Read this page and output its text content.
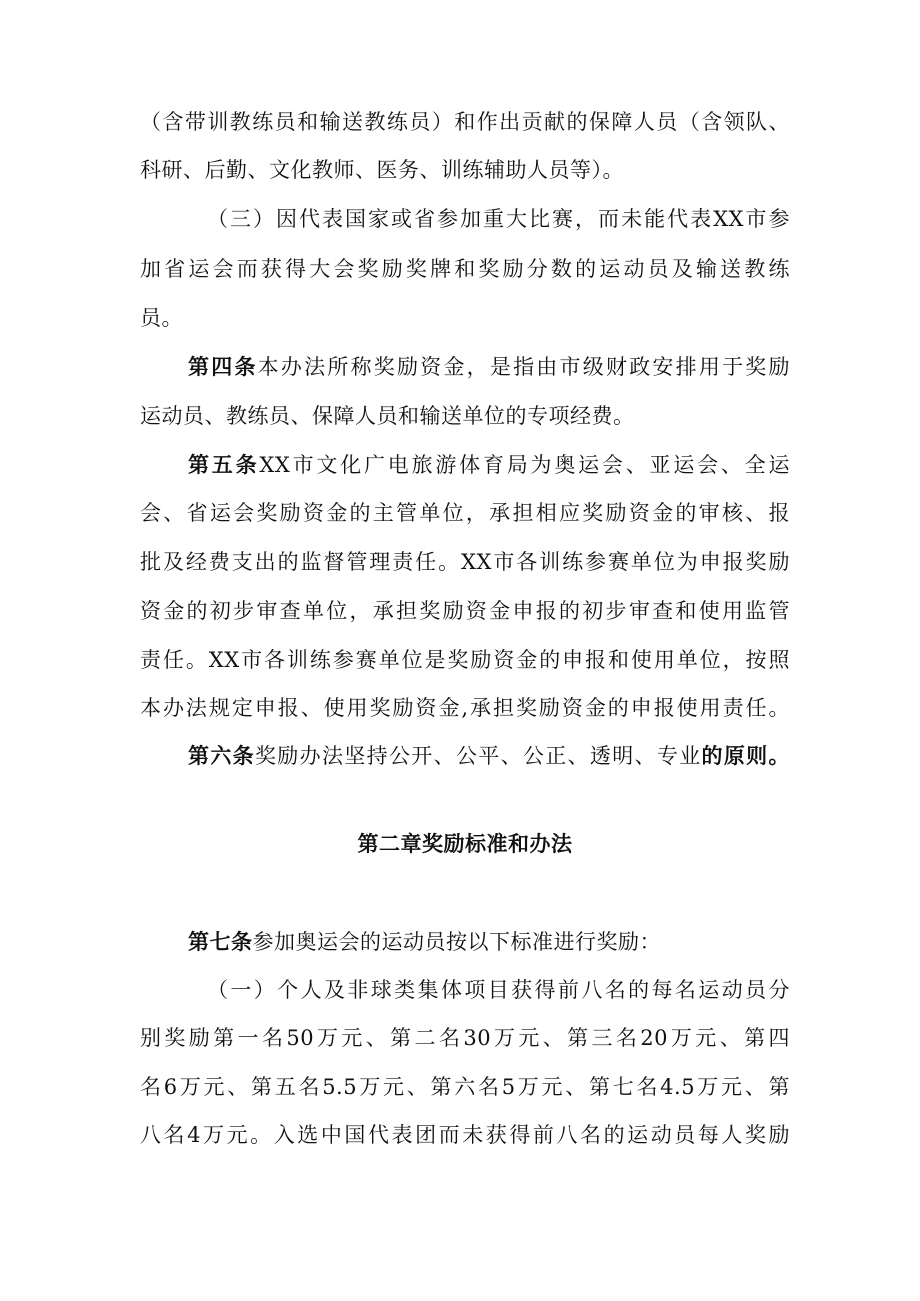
（含带训教练员和输送教练员）和作出贡献的保障人员（含领队、
科研、后勤、文化教师、医务、训练辅助人员等）。
（三）因代表国家或省参加重大比赛，而未能代表XX市参
加省运会而获得大会奖励奖牌和奖励分数的运动员及输送教练
员。
第四条本办法所称奖励资金，是指由市级财政安排用于奖励
运动员、教练员、保障人员和输送单位的专项经费。
第五条XX市文化广电旅游体育局为奥运会、亚运会、全运
会、省运会奖励资金的主管单位，承担相应奖励资金的审核、报
批及经费支出的监督管理责任。XX市各训练参赛单位为申报奖励
资金的初步审查单位，承担奖励资金申报的初步审查和使用监管
责任。XX市各训练参赛单位是奖励资金的申报和使用单位，按照
本办法规定申报、使用奖励资金,承担奖励资金的申报使用责任。
第六条奖励办法坚持公开、公平、公正、透明、专业的原则。
第二章奖励标准和办法
第七条参加奥运会的运动员按以下标准进行奖励：
（一）个人及非球类集体项目获得前八名的每名运动员分
别奖励第一名50万元、第二名30万元、第三名20万元、第四
名6万元、第五名5.5万元、第六名5万元、第七名4.5万元、第
八名4万元。入选中国代表团而未获得前八名的运动员每人奖励
